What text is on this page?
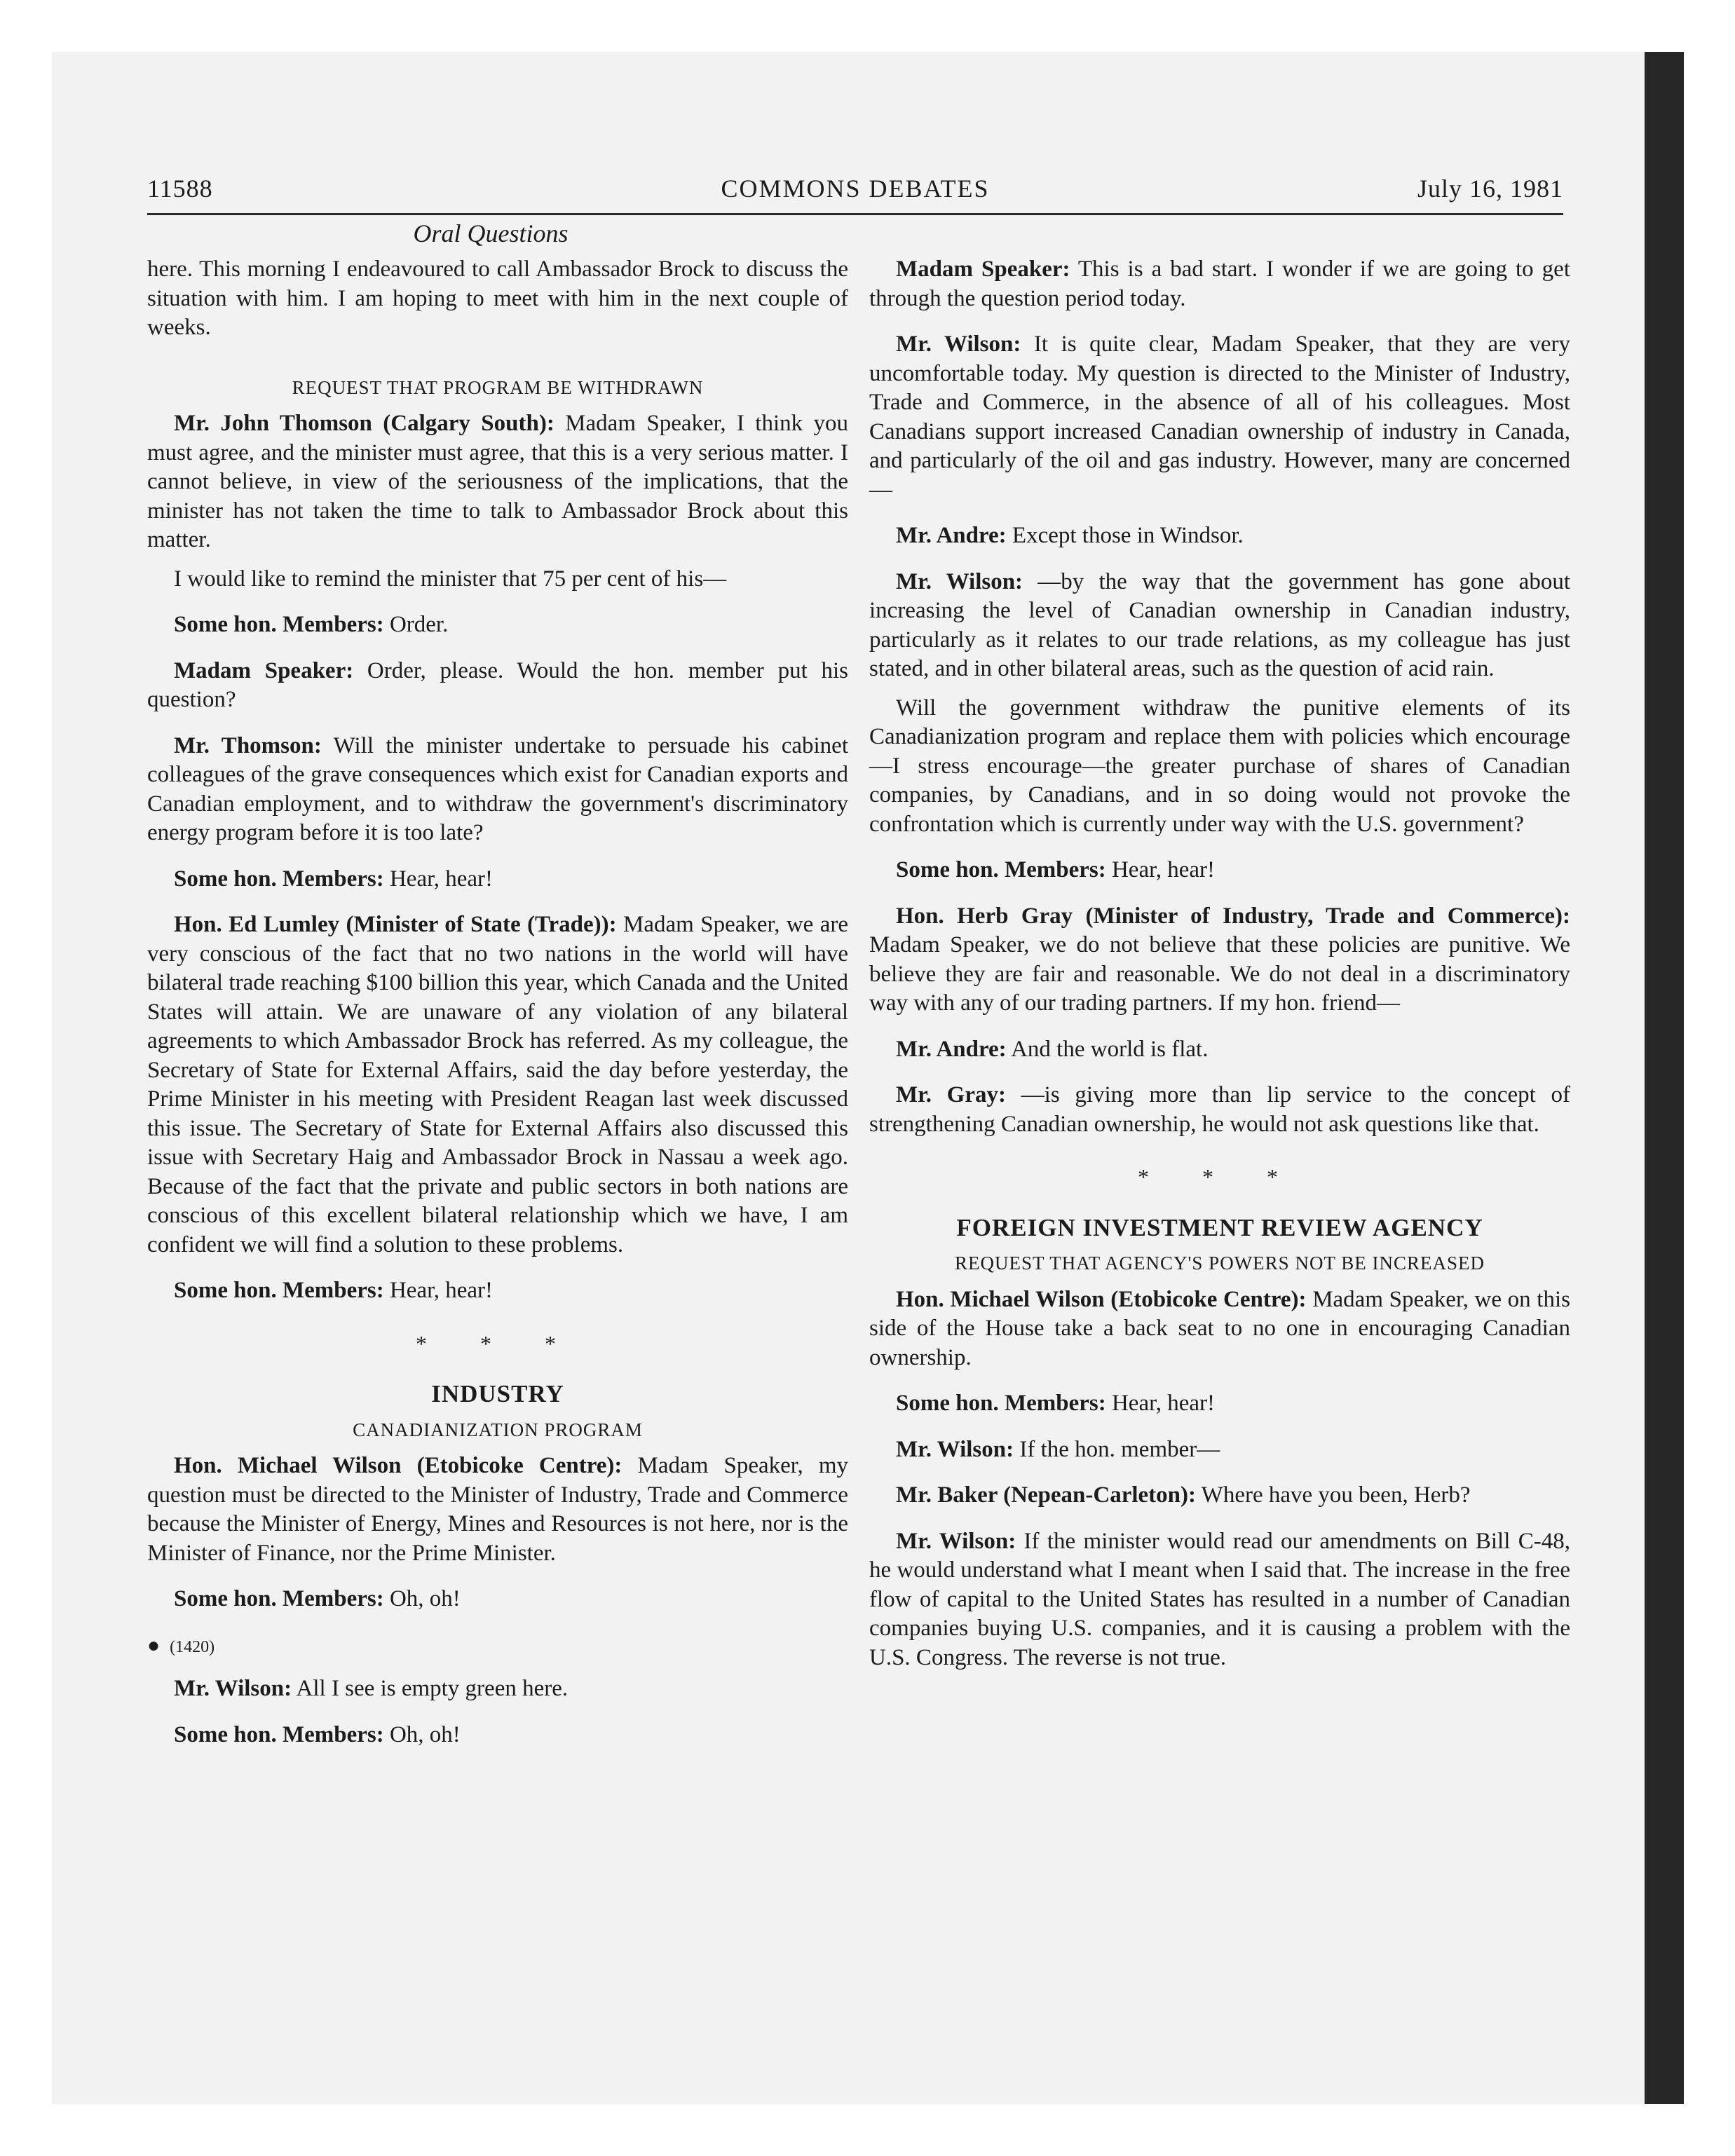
11588	COMMONS DEBATES	July 16, 1981
Oral Questions

here. This morning I endeavoured to call Ambassador Brock to discuss the situation with him. I am hoping to meet with him in the next couple of weeks.

REQUEST THAT PROGRAM BE WITHDRAWN

Mr. John Thomson (Calgary South): Madam Speaker, I think you must agree, and the minister must agree, that this is a very serious matter. I cannot believe, in view of the seriousness of the implications, that the minister has not taken the time to talk to Ambassador Brock about this matter.

I would like to remind the minister that 75 per cent of his—

Some hon. Members: Order.

Madam Speaker: Order, please. Would the hon. member put his question?

Mr. Thomson: Will the minister undertake to persuade his cabinet colleagues of the grave consequences which exist for Canadian exports and Canadian employment, and to withdraw the government's discriminatory energy program before it is too late?

Some hon. Members: Hear, hear!

Hon. Ed Lumley (Minister of State (Trade)): Madam Speaker, we are very conscious of the fact that no two nations in the world will have bilateral trade reaching $100 billion this year, which Canada and the United States will attain. We are unaware of any violation of any bilateral agreements to which Ambassador Brock has referred. As my colleague, the Secretary of State for External Affairs, said the day before yesterday, the Prime Minister in his meeting with President Reagan last week discussed this issue. The Secretary of State for External Affairs also discussed this issue with Secretary Haig and Ambassador Brock in Nassau a week ago. Because of the fact that the private and public sectors in both nations are conscious of this excellent bilateral relationship which we have, I am confident we will find a solution to these problems.

Some hon. Members: Hear, hear!

* * *
INDUSTRY
CANADIANIZATION PROGRAM

Hon. Michael Wilson (Etobicoke Centre): Madam Speaker, my question must be directed to the Minister of Industry, Trade and Commerce because the Minister of Energy, Mines and Resources is not here, nor is the Minister of Finance, nor the Prime Minister.

Some hon. Members: Oh, oh!

● (1420)

Mr. Wilson: All I see is empty green here.

Some hon. Members: Oh, oh!

Madam Speaker: This is a bad start. I wonder if we are going to get through the question period today.

Mr. Wilson: It is quite clear, Madam Speaker, that they are very uncomfortable today. My question is directed to the Minister of Industry, Trade and Commerce, in the absence of all of his colleagues. Most Canadians support increased Canadian ownership of industry in Canada, and particularly of the oil and gas industry. However, many are concerned—

Mr. Andre: Except those in Windsor.

Mr. Wilson: —by the way that the government has gone about increasing the level of Canadian ownership in Canadian industry, particularly as it relates to our trade relations, as my colleague has just stated, and in other bilateral areas, such as the question of acid rain.

Will the government withdraw the punitive elements of its Canadianization program and replace them with policies which encourage—I stress encourage—the greater purchase of shares of Canadian companies, by Canadians, and in so doing would not provoke the confrontation which is currently under way with the U.S. government?

Some hon. Members: Hear, hear!

Hon. Herb Gray (Minister of Industry, Trade and Commerce): Madam Speaker, we do not believe that these policies are punitive. We believe they are fair and reasonable. We do not deal in a discriminatory way with any of our trading partners. If my hon. friend—

Mr. Andre: And the world is flat.

Mr. Gray: —is giving more than lip service to the concept of strengthening Canadian ownership, he would not ask questions like that.

* * *
FOREIGN INVESTMENT REVIEW AGENCY
REQUEST THAT AGENCY'S POWERS NOT BE INCREASED

Hon. Michael Wilson (Etobicoke Centre): Madam Speaker, we on this side of the House take a back seat to no one in encouraging Canadian ownership.

Some hon. Members: Hear, hear!

Mr. Wilson: If the hon. member—

Mr. Baker (Nepean-Carleton): Where have you been, Herb?

Mr. Wilson: If the minister would read our amendments on Bill C-48, he would understand what I meant when I said that. The increase in the free flow of capital to the United States has resulted in a number of Canadian companies buying U.S. companies, and it is causing a problem with the U.S. Congress. The reverse is not true.
